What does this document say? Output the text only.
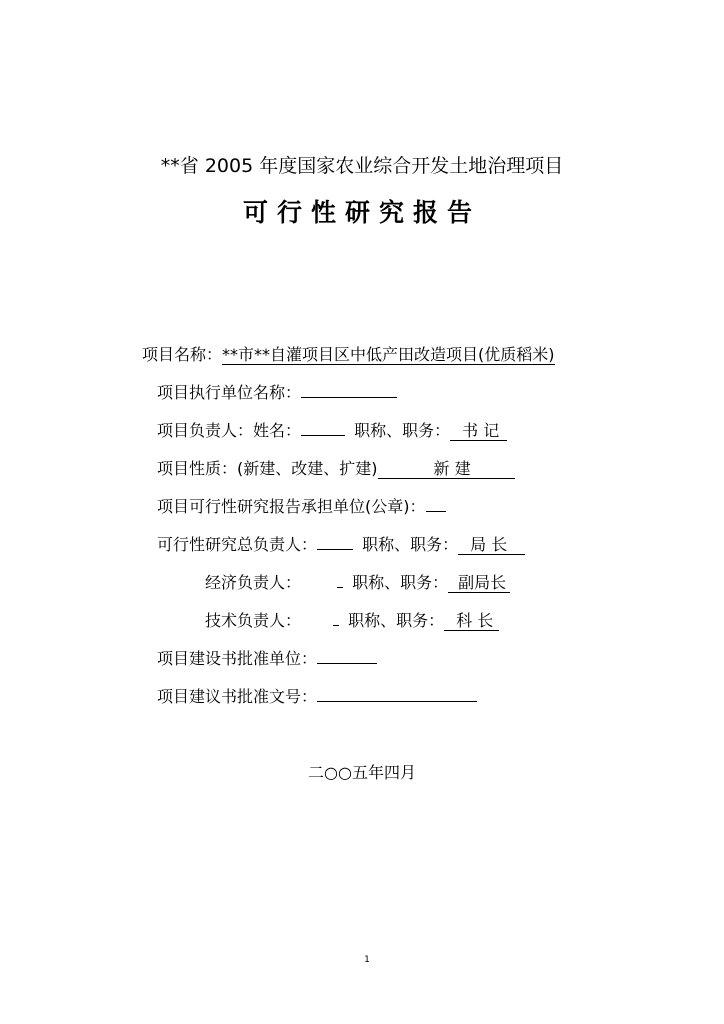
**省 2005 年度国家农业综合开发土地治理项目
可行性研究报告
项目名称：**市**自灌项目区中低产田改造项目(优质稻米)
项目执行单位名称：
项目负责人：姓名：	职称、职务： 书 记
项目性质：(新建、改建、扩建)	新 建
项目可行性研究报告承担单位(公章)：
可行性研究总负责人：	职称、职务： 局 长
经济负责人：	职称、职务： 副局长
技术负责人：	职称、职务： 科 长
项目建设书批准单位：
项目建议书批准文号：
二○○五年四月
1
